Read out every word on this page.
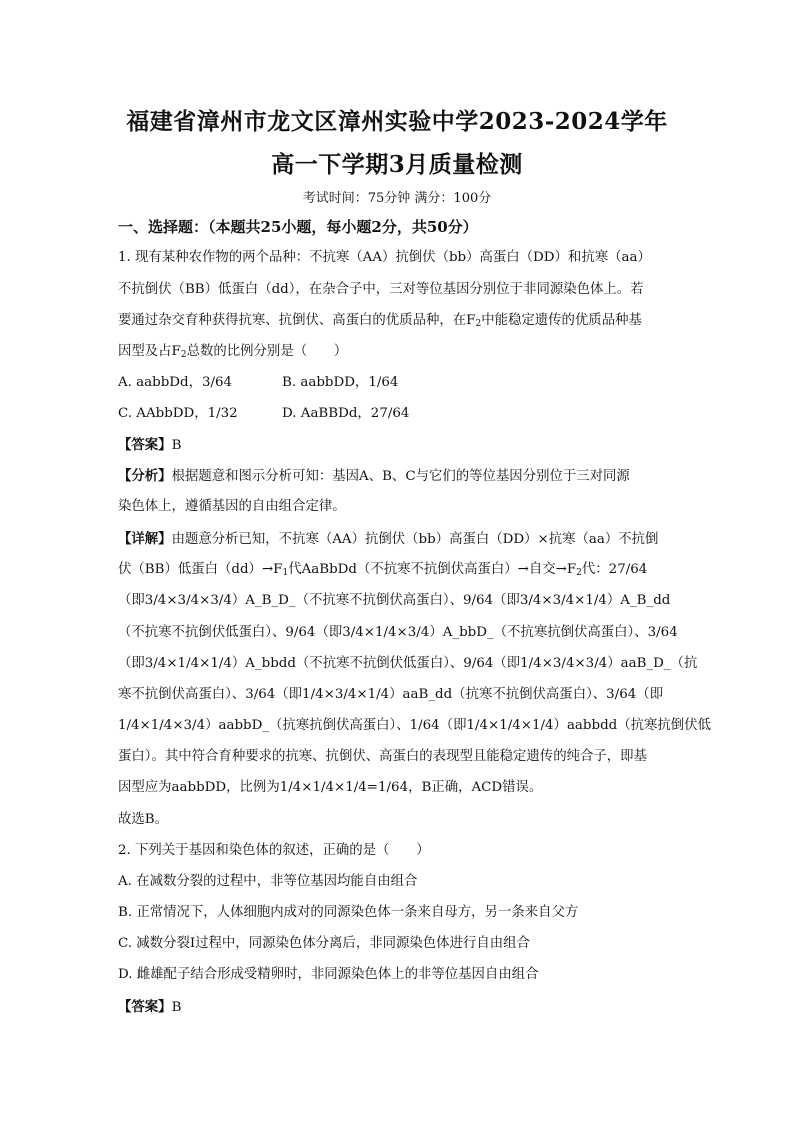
福建省漳州市龙文区漳州实验中学2023-2024学年
高一下学期3月质量检测
考试时间：75分钟 满分：100分
一、选择题：（本题共25小题，每小题2分，共50分）
1. 现有某种农作物的两个品种：不抗寒（AA）抗倒伏（bb）高蛋白（DD）和抗寒（aa）
不抗倒伏（BB）低蛋白（dd），在杂合子中，三对等位基因分别位于非同源染色体上。若
要通过杂交育种获得抗寒、抗倒伏、高蛋白的优质品种，在$F_2$中能稳定遗传的优质品种基
因型及占$F_2$总数的比例分别是（　　）
A. aabbDd，3/64	B. aabbDD，1/64
C. AAbbDD，1/32	D. AaBBDd，27/64
【答案】B
【分析】根据题意和图示分析可知：基因A、B、C与它们的等位基因分别位于三对同源
染色体上，遵循基因的自由组合定律。
【详解】由题意分析已知，不抗寒（AA）抗倒伏（bb）高蛋白（DD）×抗寒（aa）不抗倒
伏（BB）低蛋白$(dd)\to F_1$代AaBbDd（不抗寒不抗倒伏高蛋白）→自交$\to F_2$代：27/64
（即3/4×3/4×3/4）A_B_D_（不抗寒不抗倒伏高蛋白）、9/64（即3/4×3/4×1/4）A_B_dd
（不抗寒不抗倒伏低蛋白）、9/64（即3/4×1/4×3/4）A_bbD_（不抗寒抗倒伏高蛋白）、3/64
（即3/4×1/4×1/4）A_bbdd（不抗寒不抗倒伏低蛋白）、9/64（即1/4×3/4×3/4）aaB_D_（抗
寒不抗倒伏高蛋白）、3/64（即1/4×3/4×1/4）aaB_dd（抗寒不抗倒伏高蛋白）、3/64（即
1/4×1/4×3/4）aabbD_（抗寒抗倒伏高蛋白）、1/64（即1/4×1/4×1/4）aabbdd（抗寒抗倒伏低
蛋白）。其中符合育种要求的抗寒、抗倒伏、高蛋白的表现型且能稳定遗传的纯合子，即基
因型应为aabbDD，比例为1/4×1/4×1/4=1/64，B正确，ACD错误。
故选B。
2. 下列关于基因和染色体的叙述，正确的是（　　）
A. 在减数分裂的过程中，非等位基因均能自由组合
B. 正常情况下，人体细胞内成对的同源染色体一条来自母方，另一条来自父方
C. 减数分裂Ⅰ过程中，同源染色体分离后，非同源染色体进行自由组合
D. 雌雄配子结合形成受精卵时，非同源染色体上的非等位基因自由组合
【答案】B
